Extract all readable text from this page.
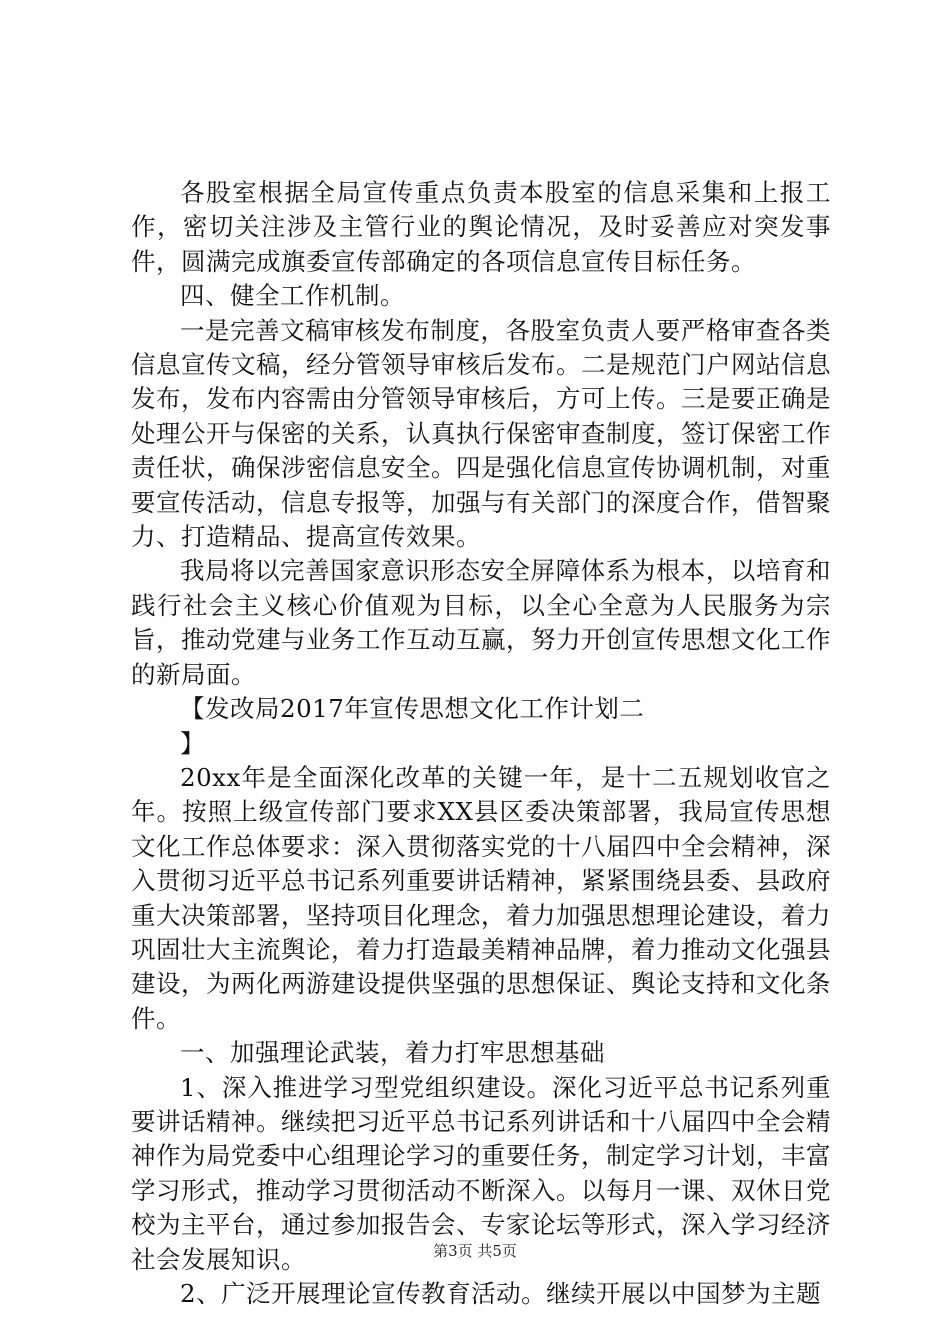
各股室根据全局宣传重点负责本股室的信息采集和上报工作，密切关注涉及主管行业的舆论情况，及时妥善应对突发事件，圆满完成旗委宣传部确定的各项信息宣传目标任务。

四、健全工作机制。

一是完善文稿审核发布制度，各股室负责人要严格审查各类信息宣传文稿，经分管领导审核后发布。二是规范门户网站信息发布，发布内容需由分管领导审核后，方可上传。三是要正确是处理公开与保密的关系，认真执行保密审查制度，签订保密工作责任状，确保涉密信息安全。四是强化信息宣传协调机制，对重要宣传活动，信息专报等，加强与有关部门的深度合作，借智聚力、打造精品、提高宣传效果。

我局将以完善国家意识形态安全屏障体系为根本，以培育和践行社会主义核心价值观为目标，以全心全意为人民服务为宗旨，推动党建与业务工作互动互赢，努力开创宣传思想文化工作的新局面。

【发改局2017年宣传思想文化工作计划二

】

20xx年是全面深化改革的关键一年，是十二五规划收官之年。按照上级宣传部门要求XX县区委决策部署，我局宣传思想文化工作总体要求：深入贯彻落实党的十八届四中全会精神，深入贯彻习近平总书记系列重要讲话精神，紧紧围绕县委、县政府重大决策部署，坚持项目化理念，着力加强思想理论建设，着力巩固壮大主流舆论，着力打造最美精神品牌，着力推动文化强县建设，为两化两游建设提供坚强的思想保证、舆论支持和文化条件。

一、加强理论武装，着力打牢思想基础

1、深入推进学习型党组织建设。深化习近平总书记系列重要讲话精神。继续把习近平总书记系列讲话和十八届四中全会精神作为局党委中心组理论学习的重要任务，制定学习计划，丰富学习形式，推动学习贯彻活动不断深入。以每月一课、双休日党校为主平台，通过参加报告会、专家论坛等形式，深入学习经济社会发展知识。

2、广泛开展理论宣传教育活动。继续开展以中国梦为主题

第3页 共5页
